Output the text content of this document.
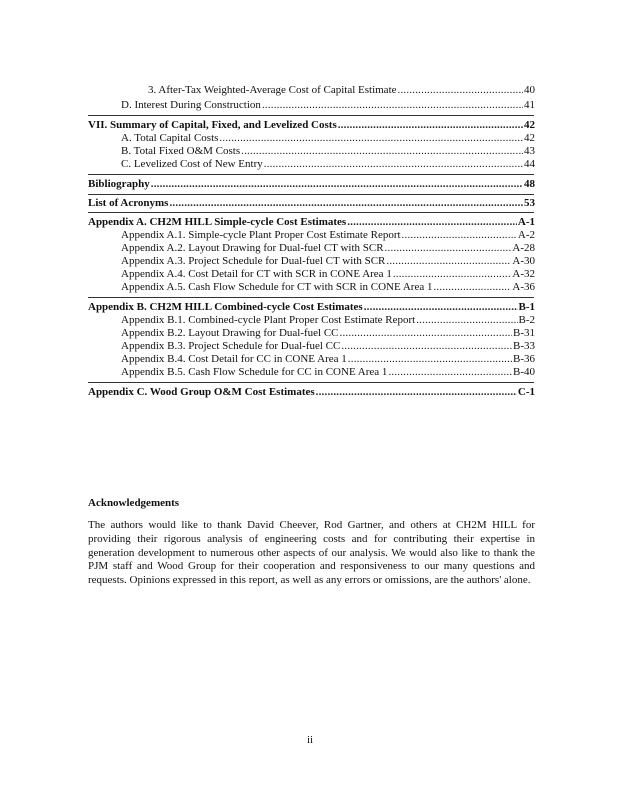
3. After-Tax Weighted-Average Cost of Capital Estimate .....	40
D. Interest During Construction .....	41
VII. Summary of Capital, Fixed, and Levelized Costs .....	42
A. Total Capital Costs .....	42
B. Total Fixed O&M Costs .....	43
C. Levelized Cost of New Entry .....	44
Bibliography .....	48
List of Acronyms .....	53
Appendix A. CH2M HILL Simple-cycle Cost Estimates .....	A-1
Appendix A.1. Simple-cycle Plant Proper Cost Estimate Report .....	A-2
Appendix A.2. Layout Drawing for Dual-fuel CT with SCR .....	A-28
Appendix A.3. Project Schedule for Dual-fuel CT with SCR .....	A-30
Appendix A.4. Cost Detail for CT with SCR in CONE Area 1 .....	A-32
Appendix A.5. Cash Flow Schedule for CT with SCR in CONE Area 1 .....	A-36
Appendix B. CH2M HILL Combined-cycle Cost Estimates .....	B-1
Appendix B.1. Combined-cycle Plant Proper Cost Estimate Report .....	B-2
Appendix B.2. Layout Drawing for Dual-fuel CC .....	B-31
Appendix B.3. Project Schedule for Dual-fuel CC .....	B-33
Appendix B.4. Cost Detail for CC in CONE Area 1 .....	B-36
Appendix B.5. Cash Flow Schedule for CC in CONE Area 1 .....	B-40
Appendix C. Wood Group O&M Cost Estimates .....	C-1
Acknowledgements
The authors would like to thank David Cheever, Rod Gartner, and others at CH2M HILL for providing their rigorous analysis of engineering costs and for contributing their expertise in generation development to numerous other aspects of our analysis. We would also like to thank the PJM staff and Wood Group for their cooperation and responsiveness to our many questions and requests. Opinions expressed in this report, as well as any errors or omissions, are the authors' alone.
ii
